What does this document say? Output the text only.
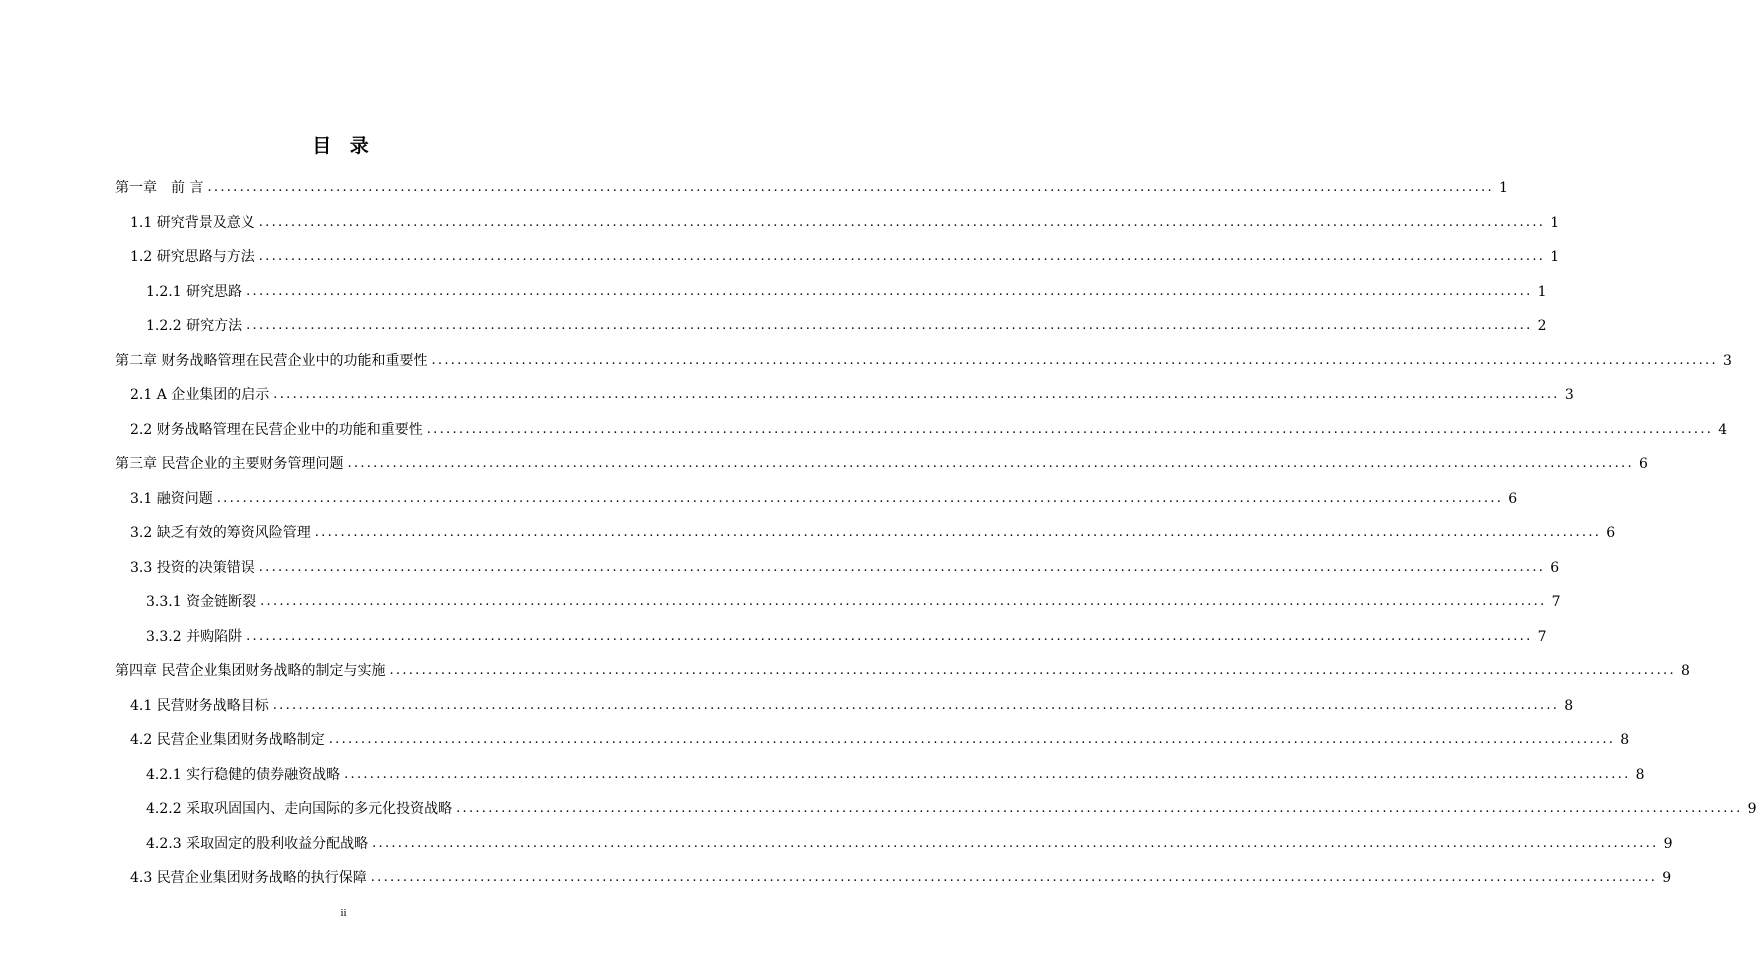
目 录
第一章　前 言 ........................................................................................................................................................................................................ 1
1.1 研究背景及意义 ........................................................................................................................................................................................................ 1
1.2 研究思路与方法 ........................................................................................................................................................................................................ 1
1.2.1 研究思路 ........................................................................................................................................................................................................ 1
1.2.2 研究方法 ........................................................................................................................................................................................................ 2
第二章 财务战略管理在民营企业中的功能和重要性 ........................................................................................................................................................................................................ 3
2.1 A 企业集团的启示 ........................................................................................................................................................................................................ 3
2.2 财务战略管理在民营企业中的功能和重要性 ........................................................................................................................................................................................................ 4
第三章 民营企业的主要财务管理问题 ........................................................................................................................................................................................................ 6
3.1 融资问题 ........................................................................................................................................................................................................ 6
3.2 缺乏有效的筹资风险管理 ........................................................................................................................................................................................................ 6
3.3 投资的决策错误 ........................................................................................................................................................................................................ 6
3.3.1 资金链断裂 ........................................................................................................................................................................................................ 7
3.3.2 并购陷阱 ........................................................................................................................................................................................................ 7
第四章 民营企业集团财务战略的制定与实施 ........................................................................................................................................................................................................ 8
4.1 民营财务战略目标 ........................................................................................................................................................................................................ 8
4.2 民营企业集团财务战略制定 ........................................................................................................................................................................................................ 8
4.2.1 实行稳健的债券融资战略 ........................................................................................................................................................................................................ 8
4.2.2 采取巩固国内、走向国际的多元化投资战略 ........................................................................................................................................................................................................ 9
4.2.3 采取固定的股利收益分配战略 ........................................................................................................................................................................................................ 9
4.3 民营企业集团财务战略的执行保障 ........................................................................................................................................................................................................ 9
ii
